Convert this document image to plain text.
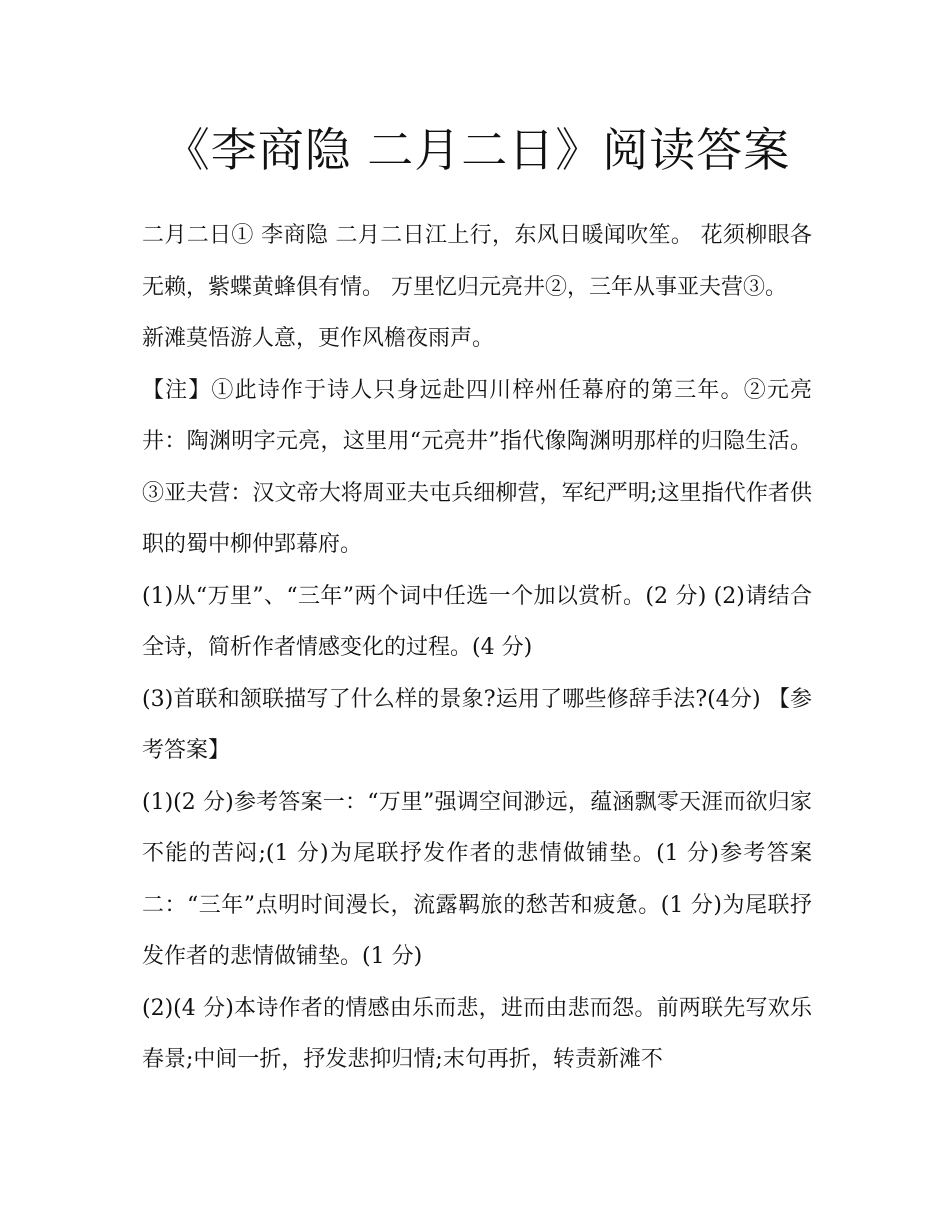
《李商隐 二月二日》阅读答案

二月二日① 李商隐 二月二日江上行，东风日暖闻吹笙。 花须柳眼各无赖，紫蝶黄蜂俱有情。 万里忆归元亮井②，三年从事亚夫营③。

新滩莫悟游人意，更作风檐夜雨声。

【注】①此诗作于诗人只身远赴四川梓州任幕府的第三年。②元亮井：陶渊明字元亮，这里用“元亮井”指代像陶渊明那样的归隐生活。③亚夫营：汉文帝大将周亚夫屯兵细柳营，军纪严明;这里指代作者供职的蜀中柳仲郢幕府。

(1)从“万里”、“三年”两个词中任选一个加以赏析。(2 分) (2)请结合全诗，简析作者情感变化的过程。(4 分)

(3)首联和颔联描写了什么样的景象?运用了哪些修辞手法?(4分) 【参考答案】

(1)(2 分)参考答案一：“万里”强调空间渺远，蕴涵飘零天涯而欲归家不能的苦闷;(1 分)为尾联抒发作者的悲情做铺垫。(1 分)参考答案二：“三年”点明时间漫长，流露羁旅的愁苦和疲惫。(1 分)为尾联抒发作者的悲情做铺垫。(1 分)

(2)(4 分)本诗作者的情感由乐而悲，进而由悲而怨。前两联先写欢乐春景;中间一折，抒发悲抑归情;末句再折，转责新滩不
